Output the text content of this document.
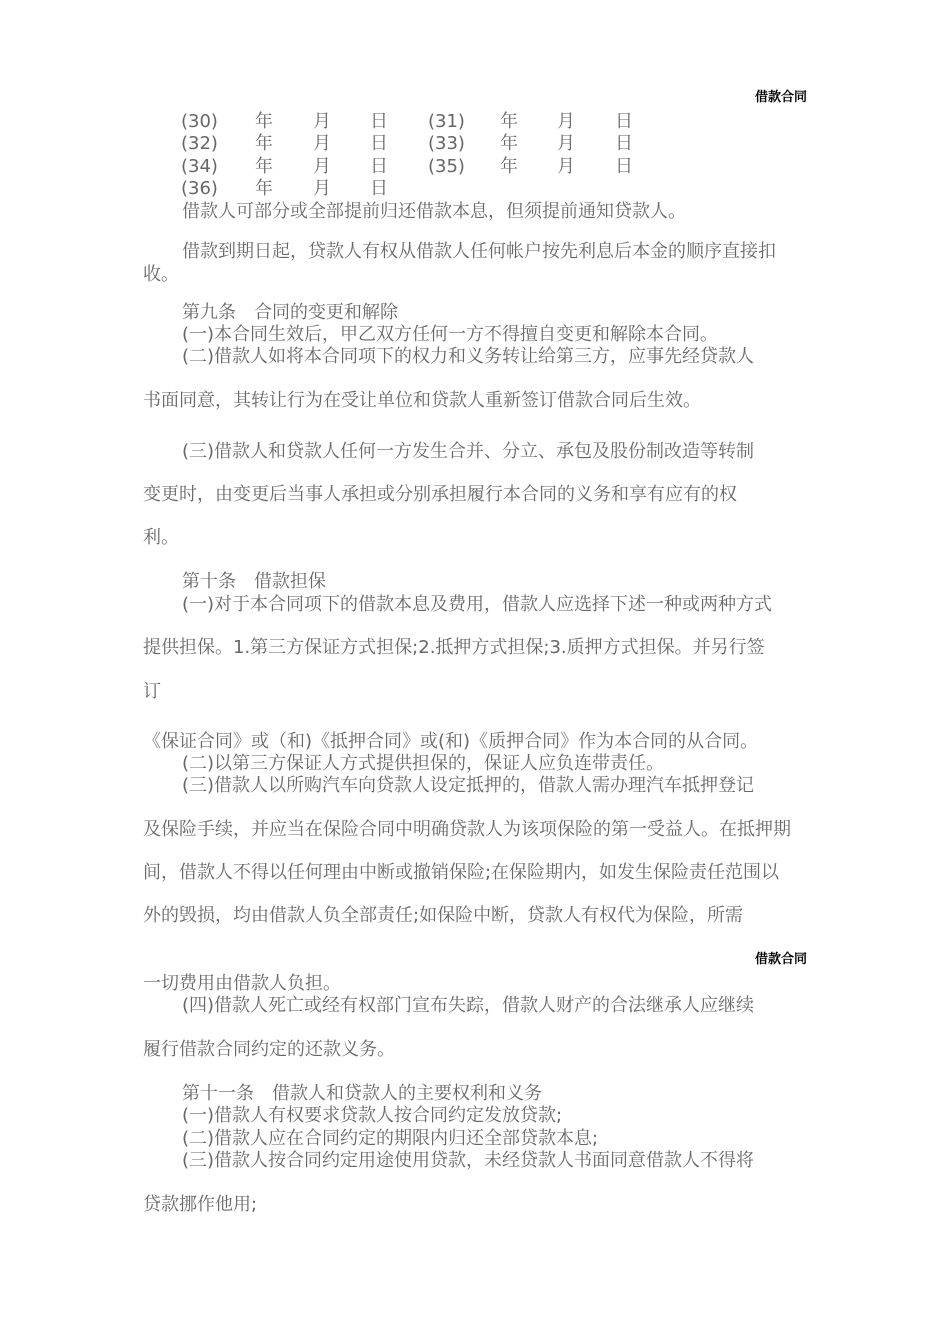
借款合同
(30) 年 月 日 (31) 年 月 日
(32) 年 月 日 (33) 年 月 日
(34) 年 月 日 (35) 年 月 日
(36) 年 月 日
借款人可部分或全部提前归还借款本息，但须提前通知贷款人。
借款到期日起，贷款人有权从借款人任何帐户按先利息后本金的顺序直接扣
收。
第九条　合同的变更和解除
(一)本合同生效后，甲乙双方任何一方不得擅自变更和解除本合同。
(二)借款人如将本合同项下的权力和义务转让给第三方，应事先经贷款人
书面同意，其转让行为在受让单位和贷款人重新签订借款合同后生效。
(三)借款人和贷款人任何一方发生合并、分立、承包及股份制改造等转制
变更时，由变更后当事人承担或分别承担履行本合同的义务和享有应有的权
利。
第十条　借款担保
(一)对于本合同项下的借款本息及费用，借款人应选择下述一种或两种方式
提供担保。1.第三方保证方式担保;2.抵押方式担保;3.质押方式担保。并另行签
订
《保证合同》或（和)《抵押合同》或(和)《质押合同》作为本合同的从合同。
(二)以第三方保证人方式提供担保的，保证人应负连带责任。
(三)借款人以所购汽车向贷款人设定抵押的，借款人需办理汽车抵押登记
及保险手续，并应当在保险合同中明确贷款人为该项保险的第一受益人。在抵押期
间，借款人不得以任何理由中断或撤销保险;在保险期内，如发生保险责任范围以
外的毁损，均由借款人负全部责任;如保险中断，贷款人有权代为保险，所需
借款合同
一切费用由借款人负担。
(四)借款人死亡或经有权部门宣布失踪，借款人财产的合法继承人应继续
履行借款合同约定的还款义务。
第十一条　借款人和贷款人的主要权利和义务
(一)借款人有权要求贷款人按合同约定发放贷款;
(二)借款人应在合同约定的期限内归还全部贷款本息;
(三)借款人按合同约定用途使用贷款，未经贷款人书面同意借款人不得将
贷款挪作他用;
